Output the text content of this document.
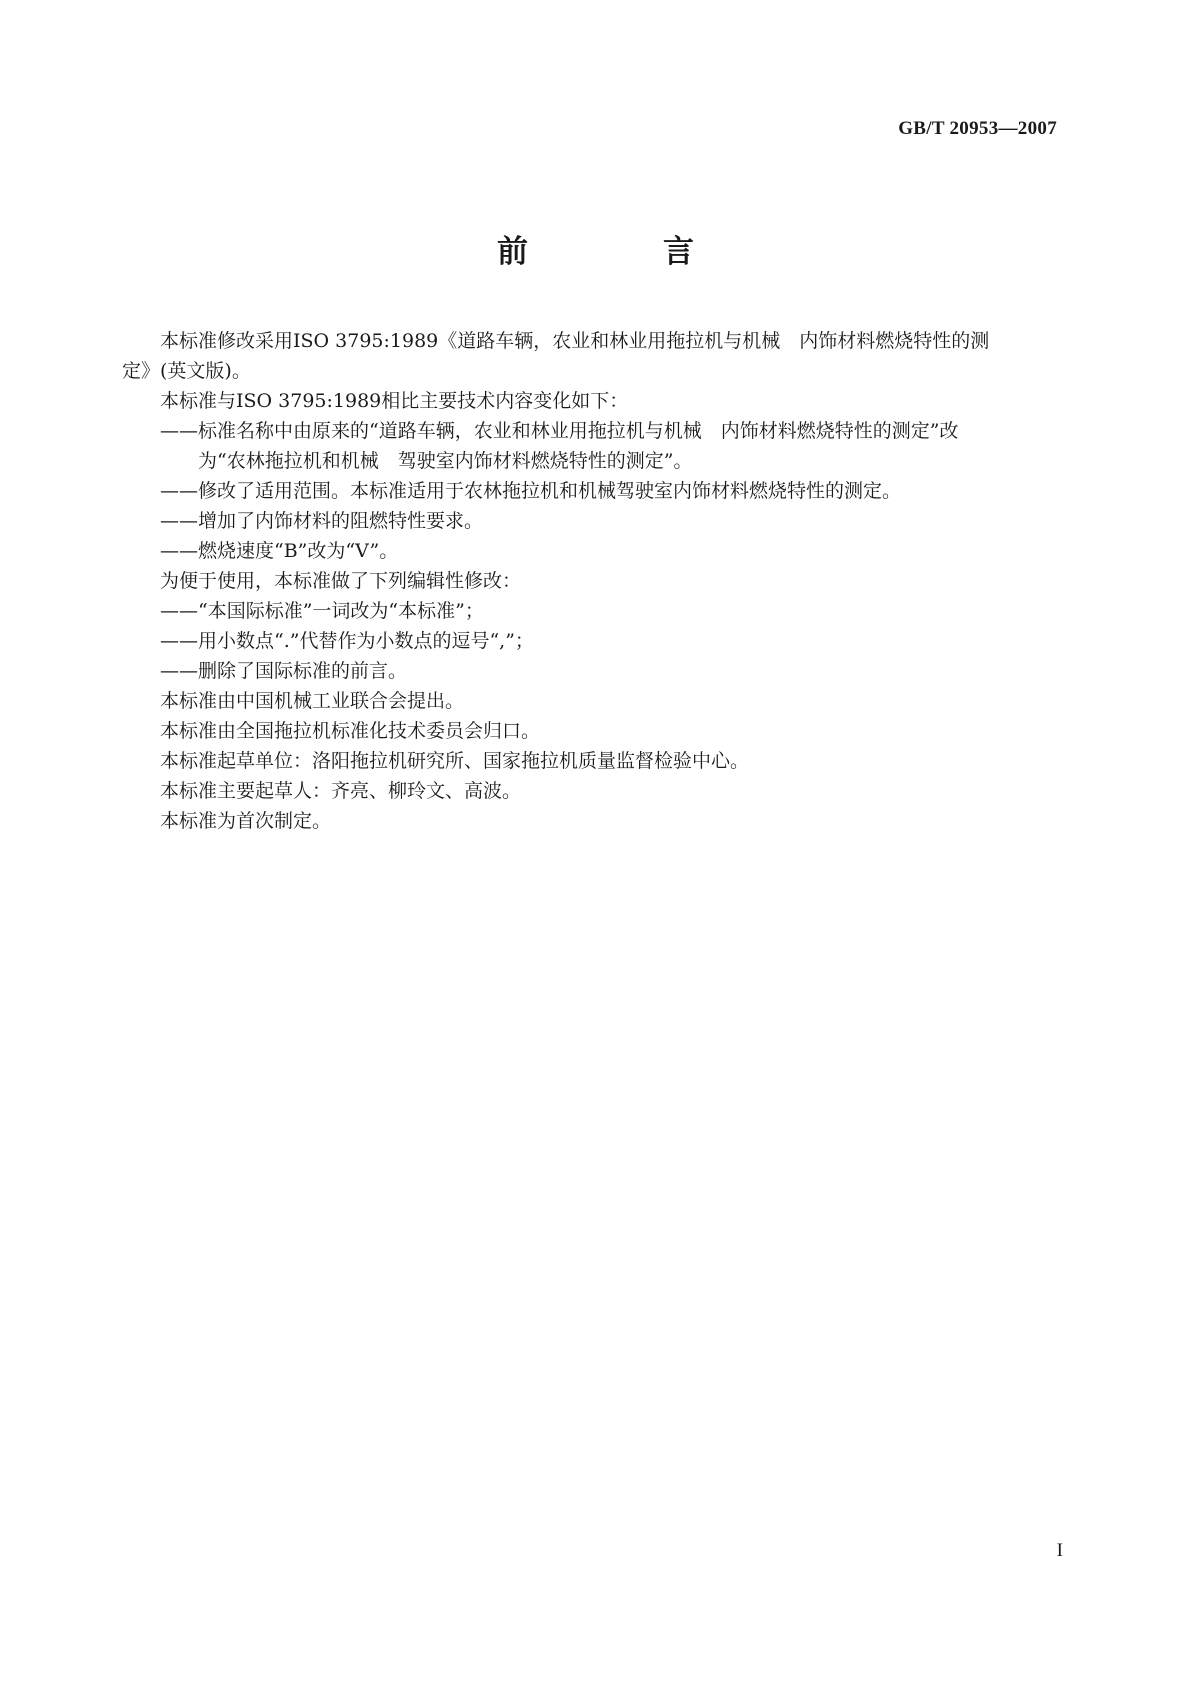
GB/T 20953—2007
前　言

本标准修改采用ISO 3795:1989《道路车辆，农业和林业用拖拉机与机械　内饰材料燃烧特性的测

定》(英文版)。

本标准与ISO 3795:1989相比主要技术内容变化如下：

——标准名称中由原来的“道路车辆，农业和林业用拖拉机与机械　内饰材料燃烧特性的测定”改

为“农林拖拉机和机械　驾驶室内饰材料燃烧特性的测定”。

——修改了适用范围。本标准适用于农林拖拉机和机械驾驶室内饰材料燃烧特性的测定。

——增加了内饰材料的阻燃特性要求。

——燃烧速度“B”改为“V”。

为便于使用，本标准做了下列编辑性修改：

——“本国际标准”一词改为“本标准”；

——用小数点“.”代替作为小数点的逗号“,”；

——删除了国际标准的前言。

本标准由中国机械工业联合会提出。

本标准由全国拖拉机标准化技术委员会归口。

本标准起草单位：洛阳拖拉机研究所、国家拖拉机质量监督检验中心。

本标准主要起草人：齐亮、柳玲文、高波。

本标准为首次制定。

I
